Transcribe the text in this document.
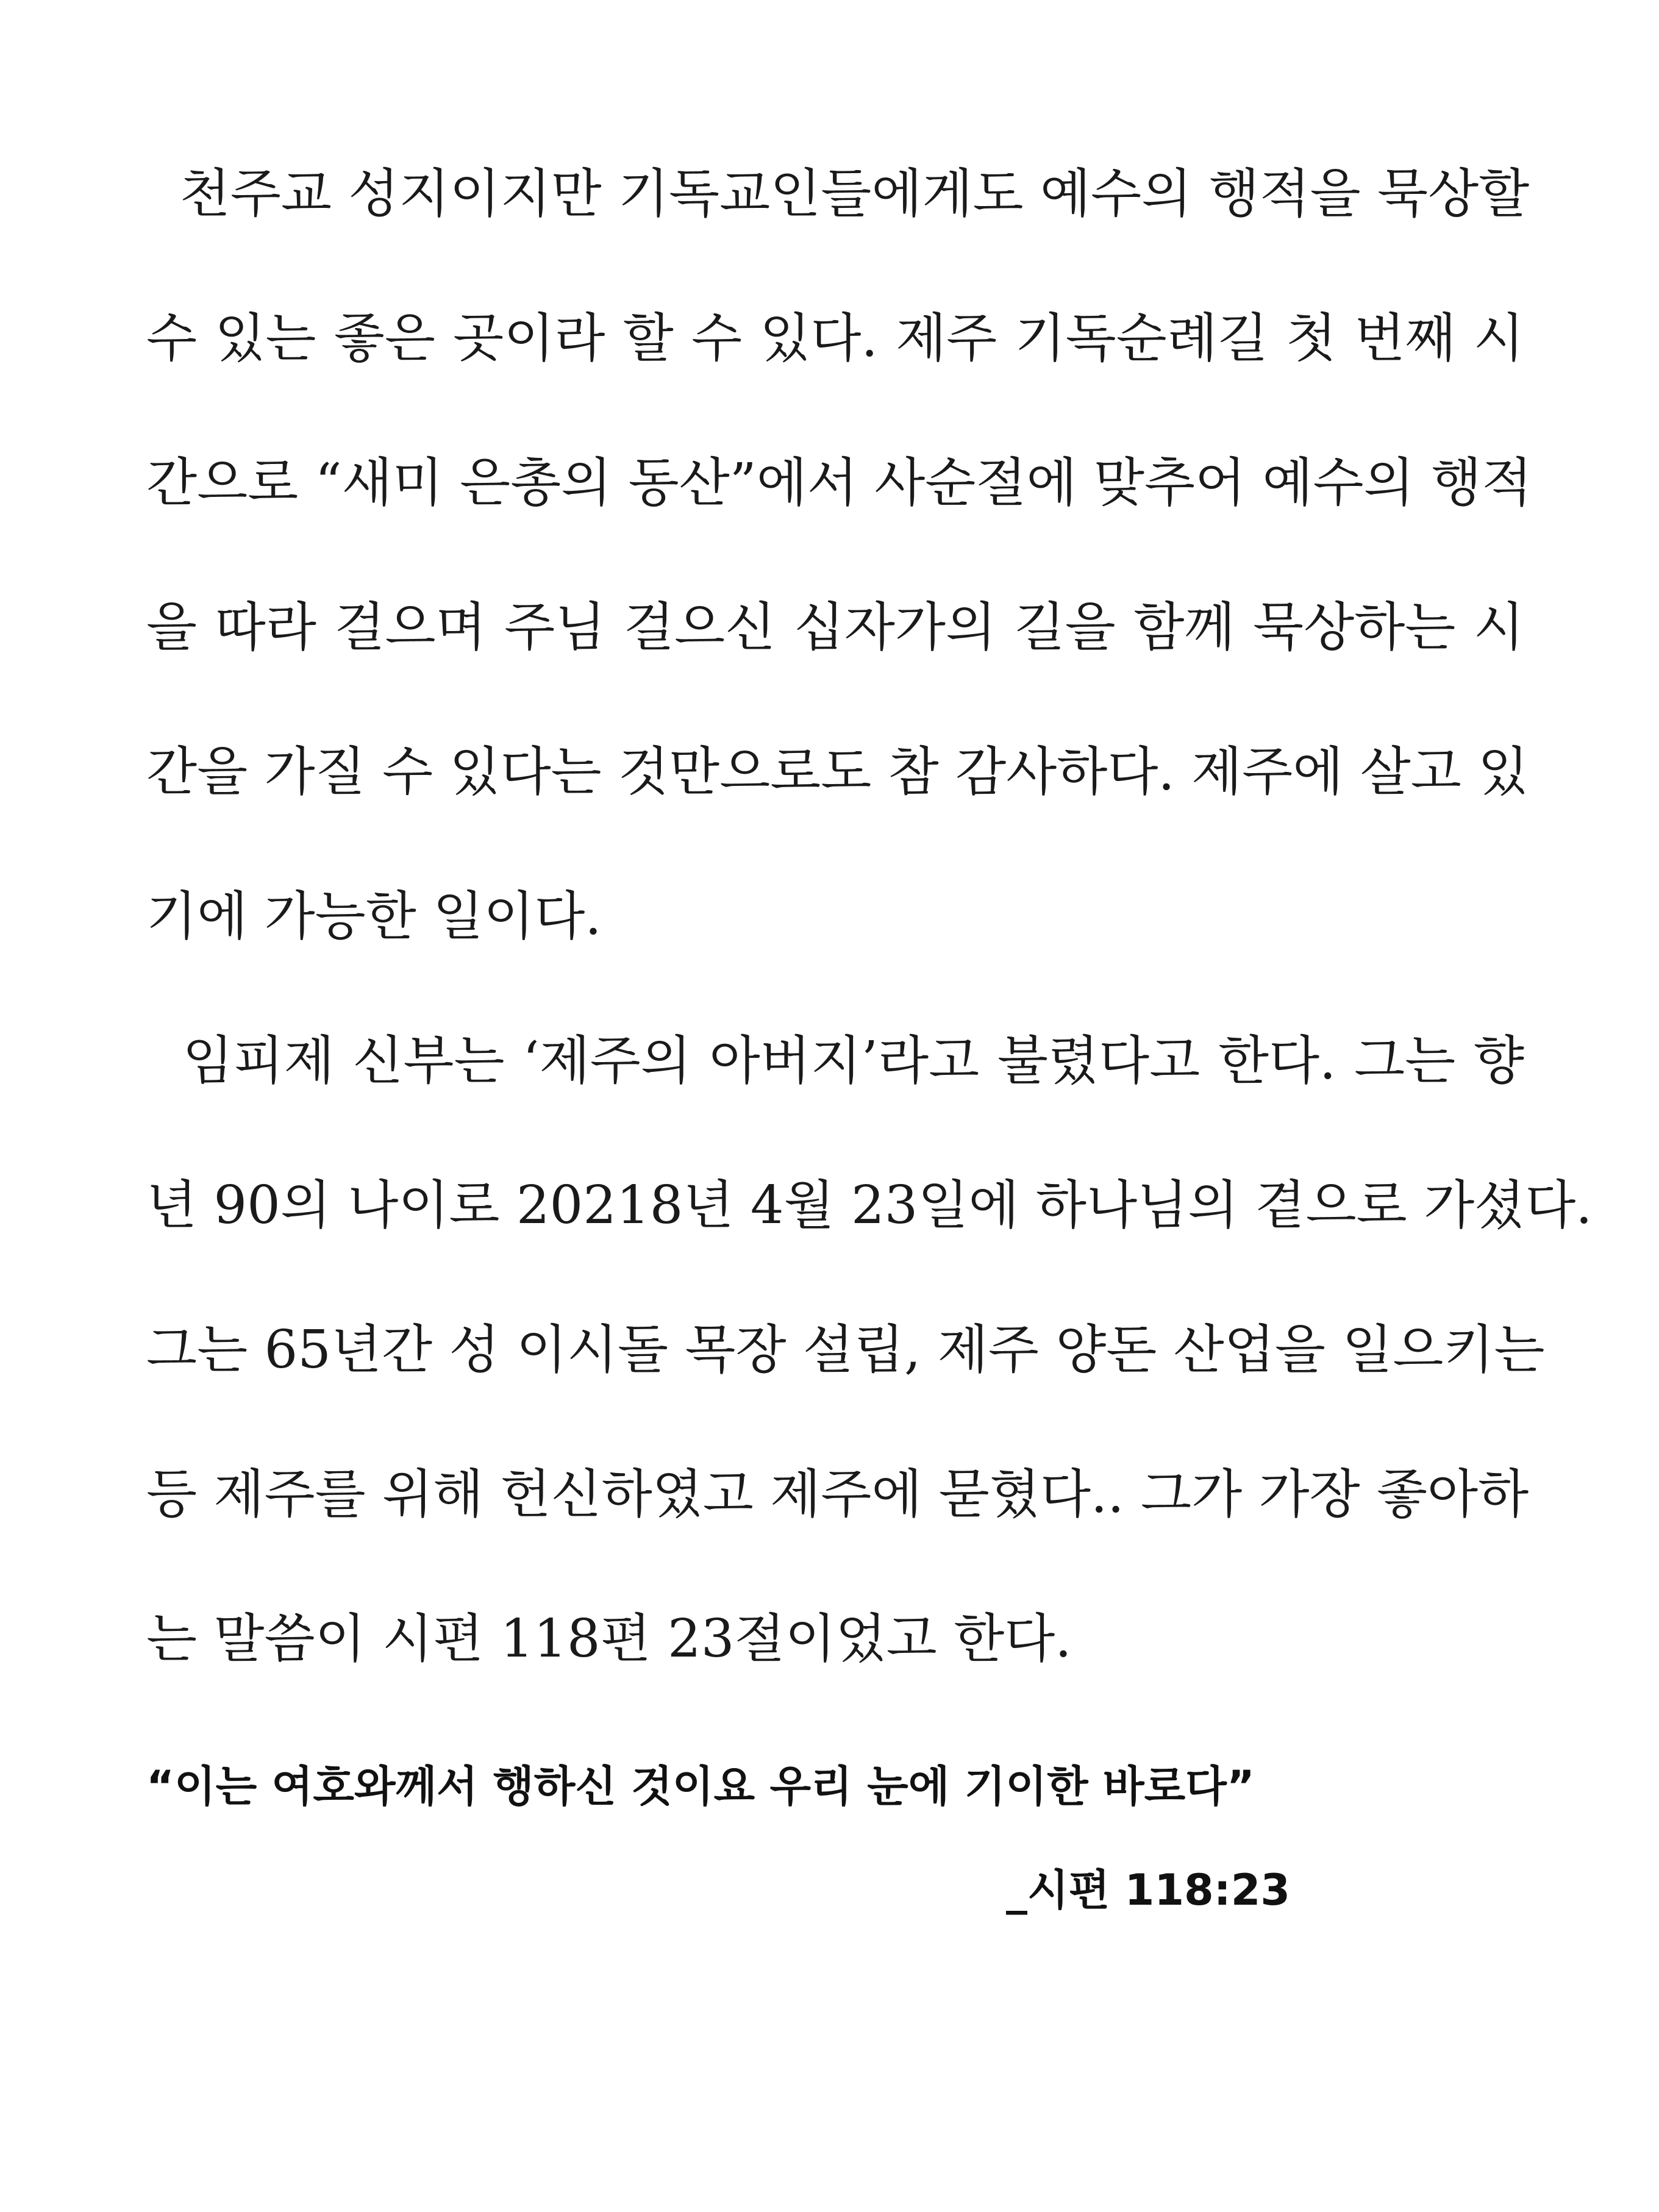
천주교 성지이지만 기독교인들에게도 예수의 행적을 묵상할
수 있는 좋은 곳이라 할 수 있다. 제주 기독순례길 첫 번째 시
간으로 “새미 은총의 동산”에서 사순절에 맞추어 예수의 행적
을 따라 걸으며 주님 걸으신 십자가의 길을 함께 묵상하는 시
간을 가질 수 있다는 것만으로도 참 감사하다. 제주에 살고 있
기에 가능한 일이다.
임피제 신부는 ‘제주의 아버지’라고 불렸다고 한다. 그는 향
년 90의 나이로 20218년 4월 23일에 하나님의 곁으로 가셨다.
그는 65년간 성 이시돌 목장 설립, 제주 양돈 산업을 일으키는
등 제주를 위해 헌신하였고 제주에 묻혔다.. 그가 가장 좋아하
는 말씀이 시편 118편 23절이었고 한다.
“이는 여호와께서 행하신 것이요 우리 눈에 기이한 바로다”
_시편 118:23
